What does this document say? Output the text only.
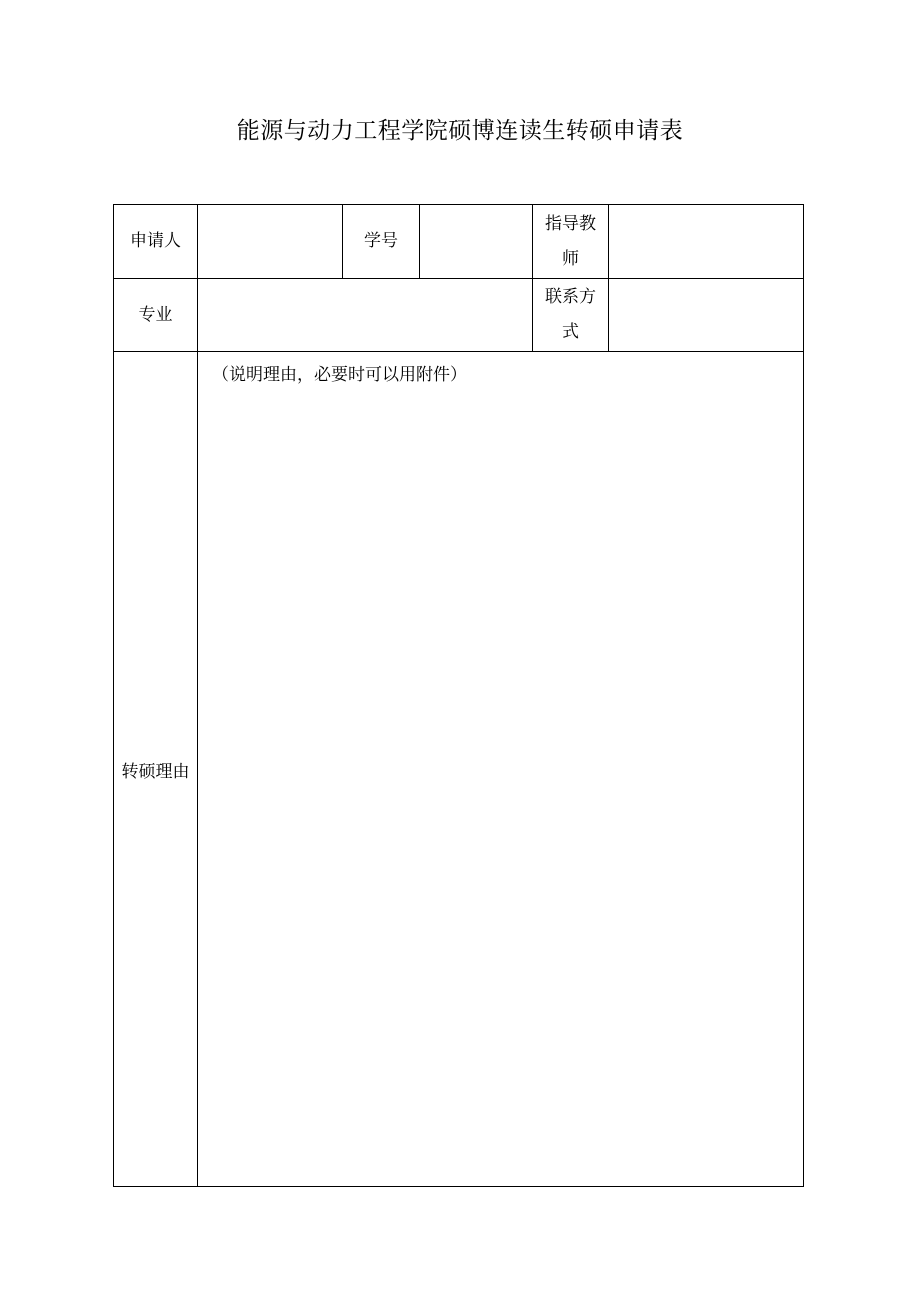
能源与动力工程学院硕博连读生转硕申请表
申请人		学号		指导教师	
专业				联系方式	
转硕理由	（说明理由，必要时可以用附件）				
